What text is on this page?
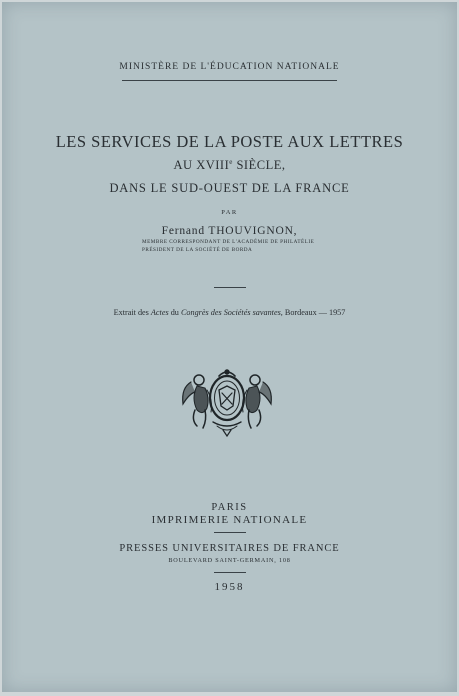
MINISTÈRE DE L'ÉDUCATION NATIONALE
LES SERVICES DE LA POSTE AUX LETTRES
AU XVIIIe SIÈCLE,
DANS LE SUD-OUEST DE LA FRANCE
PAR
Fernand THOUVIGNON,
MEMBRE CORRESPONDANT DE L'ACADÉMIE DE PHILATÉLIE
PRÉSIDENT DE LA SOCIÉTÉ DE BORDA
Extrait des Actes du Congrès des Sociétés savantes, Bordeaux — 1957
PARIS
IMPRIMERIE NATIONALE
PRESSES UNIVERSITAIRES DE FRANCE
BOULEVARD SAINT-GERMAIN, 108
1958
